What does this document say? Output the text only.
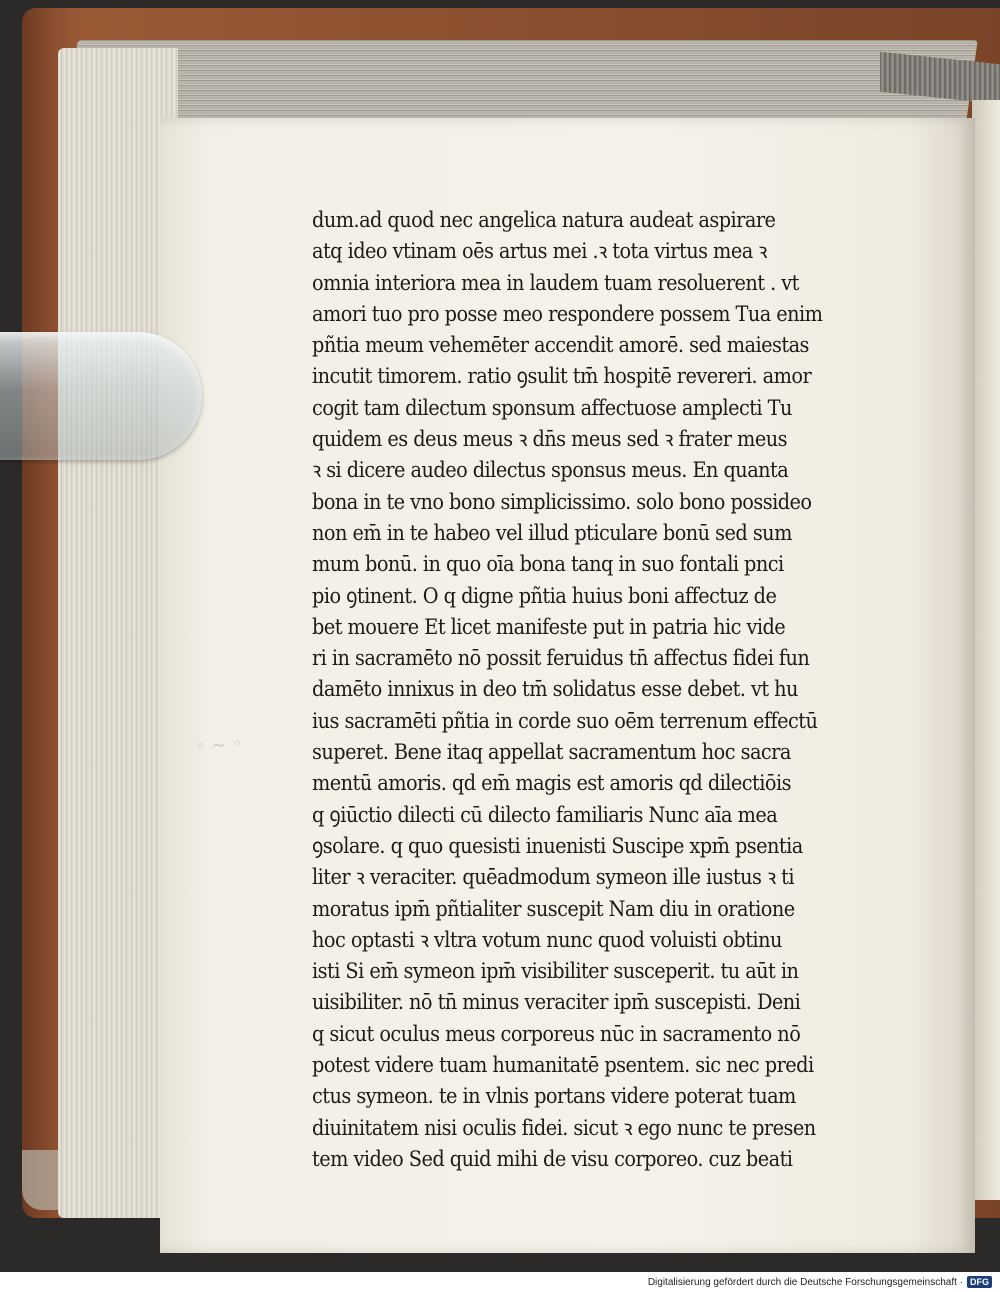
◦ ~ ◦
dum.ad quod nec angelica natura audeat aspirare
atq ideo vtinam oēs artus mei .ꝛ tota virtus mea ꝛ
omnia interiora mea in laudem tuam resoluerent . vt
amori tuo pro posse meo respondere possem Tua enim
pñtia meum vehemēter accendit amorē. sed maiestas
incutit timorem. ratio ꝯsulit tm̄ hospitē revereri. amor
cogit tam dilectum sponsum affectuose amplecti Tu
quidem es deus meus ꝛ dn̄s meus sed ꝛ frater meus
ꝛ si dicere audeo dilectus sponsus meus. En quanta
bona in te vno bono simplicissimo. solo bono possideo
non em̄ in te habeo vel illud pticulare bonū sed sum
mum bonū. in quo oīa bona tanq in suo fontali pnci
pio ꝯtinent. O q digne pñtia huius boni affectuz de
bet mouere Et licet manifeste put in patria hic vide
ri in sacramēto nō possit feruidus tn̄ affectus fidei fun
damēto innixus in deo tm̄ solidatus esse debet. vt hu
ius sacramēti pñtia in corde suo oēm terrenum effectū
superet. Bene itaq appellat sacramentum hoc sacra
mentū amoris. qd em̄ magis est amoris qd dilectiōis
q ꝯiūctio dilecti cū dilecto familiaris Nunc aīa mea
ꝯsolare. q quo quesisti inuenisti Suscipe xpm̄ psentia
liter ꝛ veraciter. quēadmodum symeon ille iustus ꝛ ti
moratus ipm̄ pñtialiter suscepit Nam diu in oratione
hoc optasti ꝛ vltra votum nunc quod voluisti obtinu
isti Si em̄ symeon ipm̄ visibiliter susceperit. tu aūt in
uisibiliter. nō tn̄ minus veraciter ipm̄ suscepisti. Deni
q sicut oculus meus corporeus nūc in sacramento nō
potest videre tuam humanitatē psentem. sic nec predi
ctus symeon. te in vlnis portans videre poterat tuam
diuinitatem nisi oculis fidei. sicut ꝛ ego nunc te presen
tem video Sed quid mihi de visu corporeo. cuz beati
Digitalisierung gefördert durch die Deutsche Forschungsgemeinschaft · DFG
